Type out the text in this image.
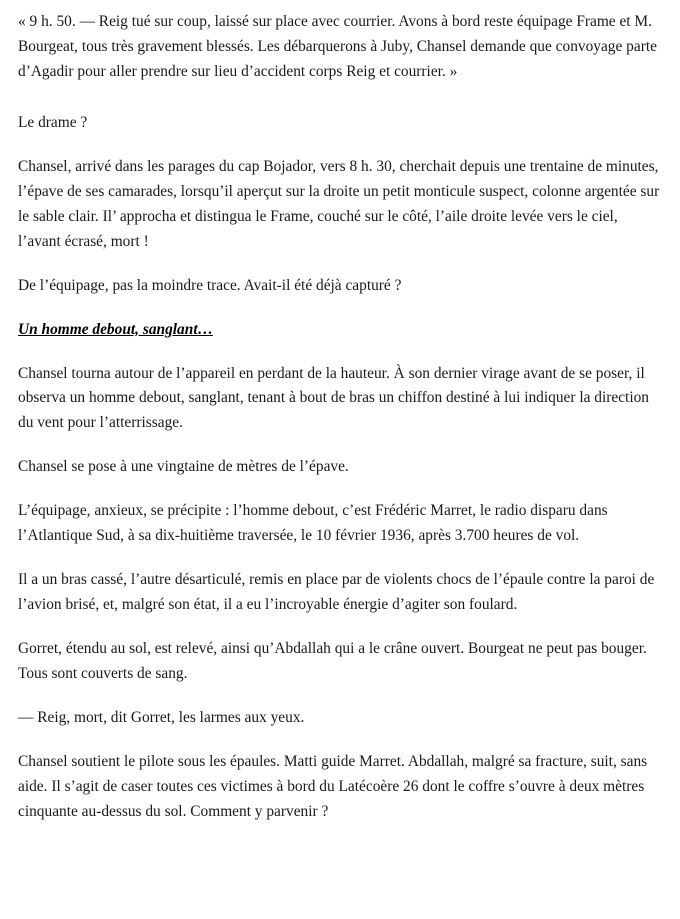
« 9 h. 50. — Reig tué sur coup, laissé sur place avec courrier. Avons à bord reste équipage Frame et M. Bourgeat, tous très gravement blessés. Les débarquerons à Juby, Chansel demande que convoyage parte d’Agadir pour aller prendre sur lieu d’accident corps Reig et courrier. »

Le drame ?

Chansel, arrivé dans les parages du cap Bojador, vers 8 h. 30, cherchait depuis une trentaine de minutes, l’épave de ses camarades, lorsqu’il aperçut sur la droite un petit monticule suspect, colonne argentée sur le sable clair. Il’ approcha et distingua le Frame, couché sur le côté, l’aile droite levée vers le ciel, l’avant écrasé, mort !

De l’équipage, pas la moindre trace. Avait-il été déjà capturé ?

Un homme debout, sanglant…

Chansel tourna autour de l’appareil en perdant de la hauteur. À son dernier virage avant de se poser, il observa un homme debout, sanglant, tenant à bout de bras un chiffon destiné à lui indiquer la direction du vent pour l’atterrissage.

Chansel se pose à une vingtaine de mètres de l’épave.

L’équipage, anxieux, se précipite : l’homme debout, c’est Frédéric Marret, le radio disparu dans l’Atlantique Sud, à sa dix-huitième traversée, le 10 février 1936, après 3.700 heures de vol.

Il a un bras cassé, l’autre désarticulé, remis en place par de violents chocs de l’épaule contre la paroi de l’avion brisé, et, malgré son état, il a eu l’incroyable énergie d’agiter son foulard.

Gorret, étendu au sol, est relevé, ainsi qu’Abdallah qui a le crâne ouvert. Bourgeat ne peut pas bouger. Tous sont couverts de sang.

— Reig, mort, dit Gorret, les larmes aux yeux.

Chansel soutient le pilote sous les épaules. Matti guide Marret. Abdallah, malgré sa fracture, suit, sans aide. Il s’agit de caser toutes ces victimes à bord du Latécoère 26 dont le coffre s’ouvre à deux mètres cinquante au-dessus du sol. Comment y parvenir ?
